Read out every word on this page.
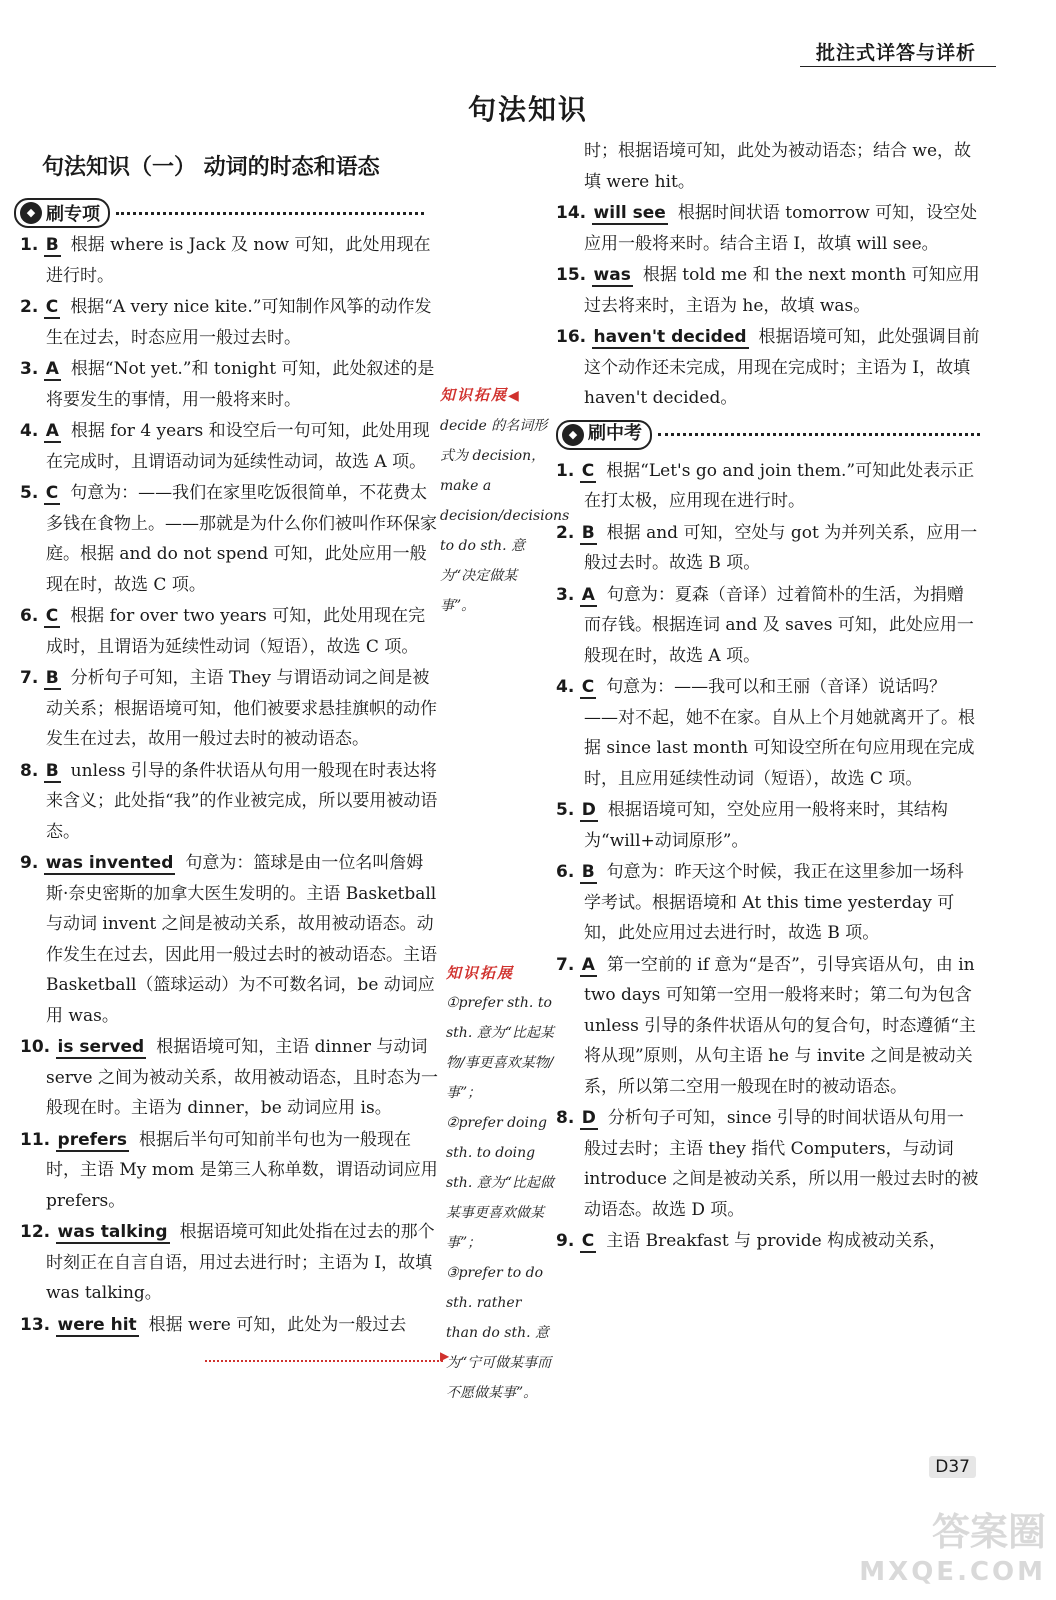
批注式详答与详析
句法知识
句法知识（一） 动词的时态和语态
◆ 刷专项

1. B 根据 where is Jack 及 now 可知，此处用现在进行时。

2. C 根据“A very nice kite.”可知制作风筝的动作发生在过去，时态应用一般过去时。

3. A 根据“Not yet.”和 tonight 可知，此处叙述的是将要发生的事情，用一般将来时。

4. A 根据 for 4 years 和设空后一句可知，此处用现在完成时，且谓语动词为延续性动词，故选 A 项。

5. C 句意为：——我们在家里吃饭很简单，不花费太多钱在食物上。——那就是为什么你们被叫作环保家庭。根据 and do not spend 可知，此处应用一般现在时，故选 C 项。

6. C 根据 for over two years 可知，此处用现在完成时，且谓语为延续性动词（短语），故选 C 项。

7. B 分析句子可知，主语 They 与谓语动词之间是被动关系；根据语境可知，他们被要求悬挂旗帜的动作发生在过去，故用一般过去时的被动语态。

8. B unless 引导的条件状语从句用一般现在时表达将来含义；此处指“我”的作业被完成，所以要用被动语态。

9. was invented 句意为：篮球是由一位名叫詹姆斯·奈史密斯的加拿大医生发明的。主语 Basketball 与动词 invent 之间是被动关系，故用被动语态。动作发生在过去，因此用一般过去时的被动语态。主语 Basketball（篮球运动）为不可数名词，be 动词应用 was。

10. is served 根据语境可知，主语 dinner 与动词 serve 之间为被动关系，故用被动语态，且时态为一般现在时。主语为 dinner，be 动词应用 is。

11. prefers 根据后半句可知前半句也为一般现在时，主语 My mom 是第三人称单数，谓语动词应用 prefers。

12. was talking 根据语境可知此处指在过去的那个时刻正在自言自语，用过去进行时；主语为 I，故填 was talking。

13. were hit 根据 were 可知，此处为一般过去

时；根据语境可知，此处为被动语态；结合 we，故填 were hit。

14. will see 根据时间状语 tomorrow 可知，设空处应用一般将来时。结合主语 I，故填 will see。

15. was 根据 told me 和 the next month 可知应用过去将来时，主语为 he，故填 was。

16. haven't decided 根据语境可知，此处强调目前这个动作还未完成，用现在完成时；主语为 I，故填 haven't decided。

◆ 刷中考

1. C 根据“Let's go and join them.”可知此处表示正在打太极，应用现在进行时。

2. B 根据 and 可知，空处与 got 为并列关系，应用一般过去时。故选 B 项。

3. A 句意为：夏森（音译）过着简朴的生活，为捐赠而存钱。根据连词 and 及 saves 可知，此处应用一般现在时，故选 A 项。

4. C 句意为：——我可以和王丽（音译）说话吗？——对不起，她不在家。自从上个月她就离开了。根据 since last month 可知设空所在句应用现在完成时，且应用延续性动词（短语），故选 C 项。

5. D 根据语境可知，空处应用一般将来时，其结构为“will+动词原形”。

6. B 句意为：昨天这个时候，我正在这里参加一场科学考试。根据语境和 At this time yesterday 可知，此处应用过去进行时，故选 B 项。

7. A 第一空前的 if 意为“是否”，引导宾语从句，由 in two days 可知第一空用一般将来时；第二句为包含 unless 引导的条件状语从句的复合句，时态遵循“主将从现”原则，从句主语 he 与 invite 之间是被动关系，所以第二空用一般现在时的被动语态。

8. D 分析句子可知，since 引导的时间状语从句用一般过去时；主语 they 指代 Computers，与动词 introduce 之间是被动关系，所以用一般过去时的被动语态。故选 D 项。

9. C 主语 Breakfast 与 provide 构成被动关系，

知识拓展◀
decide 的名词形式为 decision，make a decision/decisions to do sth. 意为“决定做某事”。
知识拓展
①prefer sth. to sth. 意为“比起某物/事更喜欢某物/事”；
②prefer doing sth. to doing sth. 意为“比起做某事更喜欢做某事”；
③prefer to do sth. rather than do sth. 意为“宁可做某事而不愿做某事”。
▶
D37
答案圈
MXQE.COM
